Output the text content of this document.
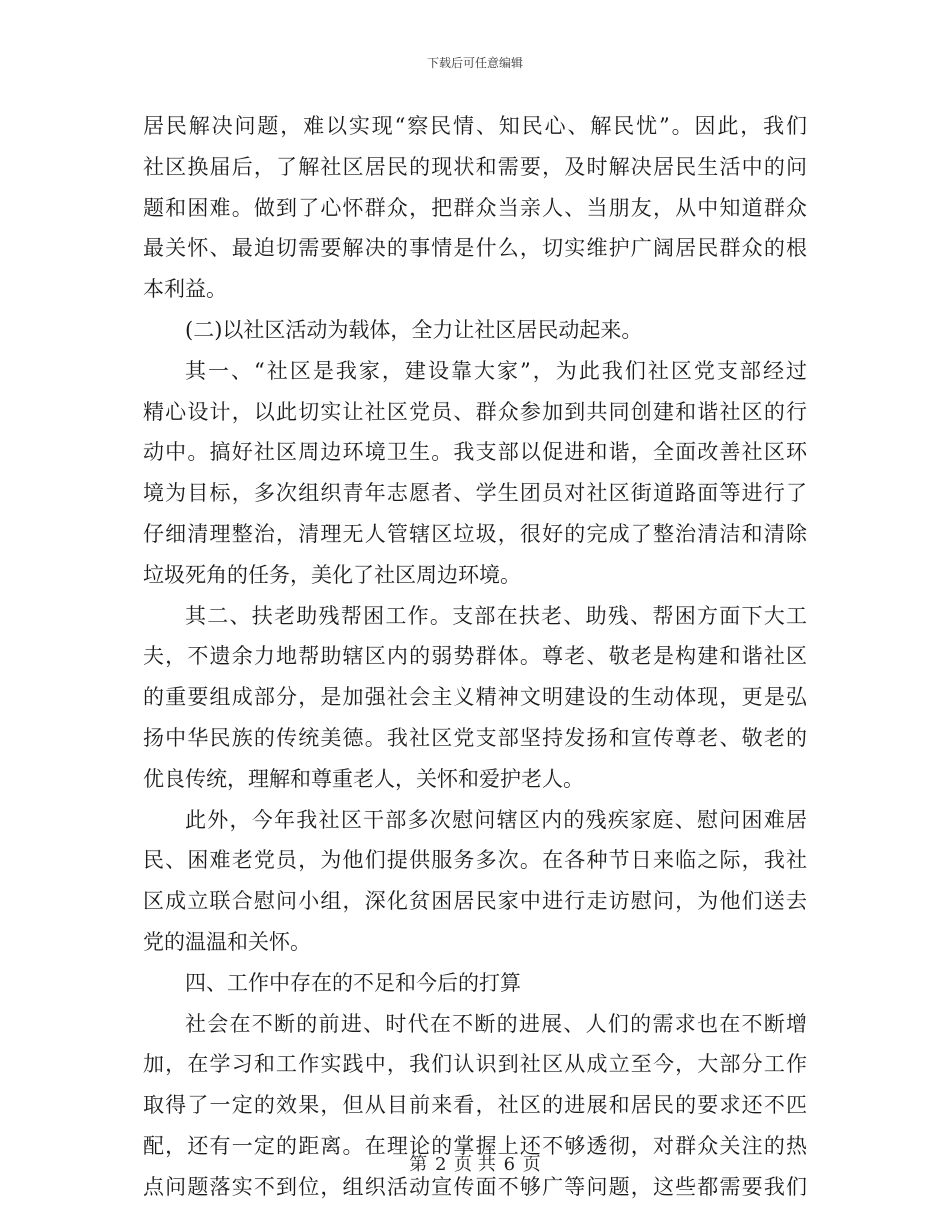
下载后可任意编辑
居民解决问题，难以实现“察民情、知民心、解民忧”。因此，我们
社区换届后，了解社区居民的现状和需要，及时解决居民生活中的问
题和困难。做到了心怀群众，把群众当亲人、当朋友，从中知道群众
最关怀、最迫切需要解决的事情是什么，切实维护广阔居民群众的根
本利益。
(二)以社区活动为载体，全力让社区居民动起来。
其一、“社区是我家，建设靠大家”，为此我们社区党支部经过
精心设计，以此切实让社区党员、群众参加到共同创建和谐社区的行
动中。搞好社区周边环境卫生。我支部以促进和谐，全面改善社区环
境为目标，多次组织青年志愿者、学生团员对社区街道路面等进行了
仔细清理整治，清理无人管辖区垃圾，很好的完成了整治清洁和清除
垃圾死角的任务，美化了社区周边环境。
其二、扶老助残帮困工作。支部在扶老、助残、帮困方面下大工
夫，不遗余力地帮助辖区内的弱势群体。尊老、敬老是构建和谐社区
的重要组成部分，是加强社会主义精神文明建设的生动体现，更是弘
扬中华民族的传统美德。我社区党支部坚持发扬和宣传尊老、敬老的
优良传统，理解和尊重老人，关怀和爱护老人。
此外，今年我社区干部多次慰问辖区内的残疾家庭、慰问困难居
民、困难老党员，为他们提供服务多次。在各种节日来临之际，我社
区成立联合慰问小组，深化贫困居民家中进行走访慰问，为他们送去
党的温温和关怀。
四、工作中存在的不足和今后的打算
社会在不断的前进、时代在不断的进展、人们的需求也在不断增
加，在学习和工作实践中，我们认识到社区从成立至今，大部分工作
取得了一定的效果，但从目前来看，社区的进展和居民的要求还不匹
配，还有一定的距离。在理论的掌握上还不够透彻，对群众关注的热
点问题落实不到位，组织活动宣传面不够广等问题，这些都需要我们
第 2 页 共 6 页
